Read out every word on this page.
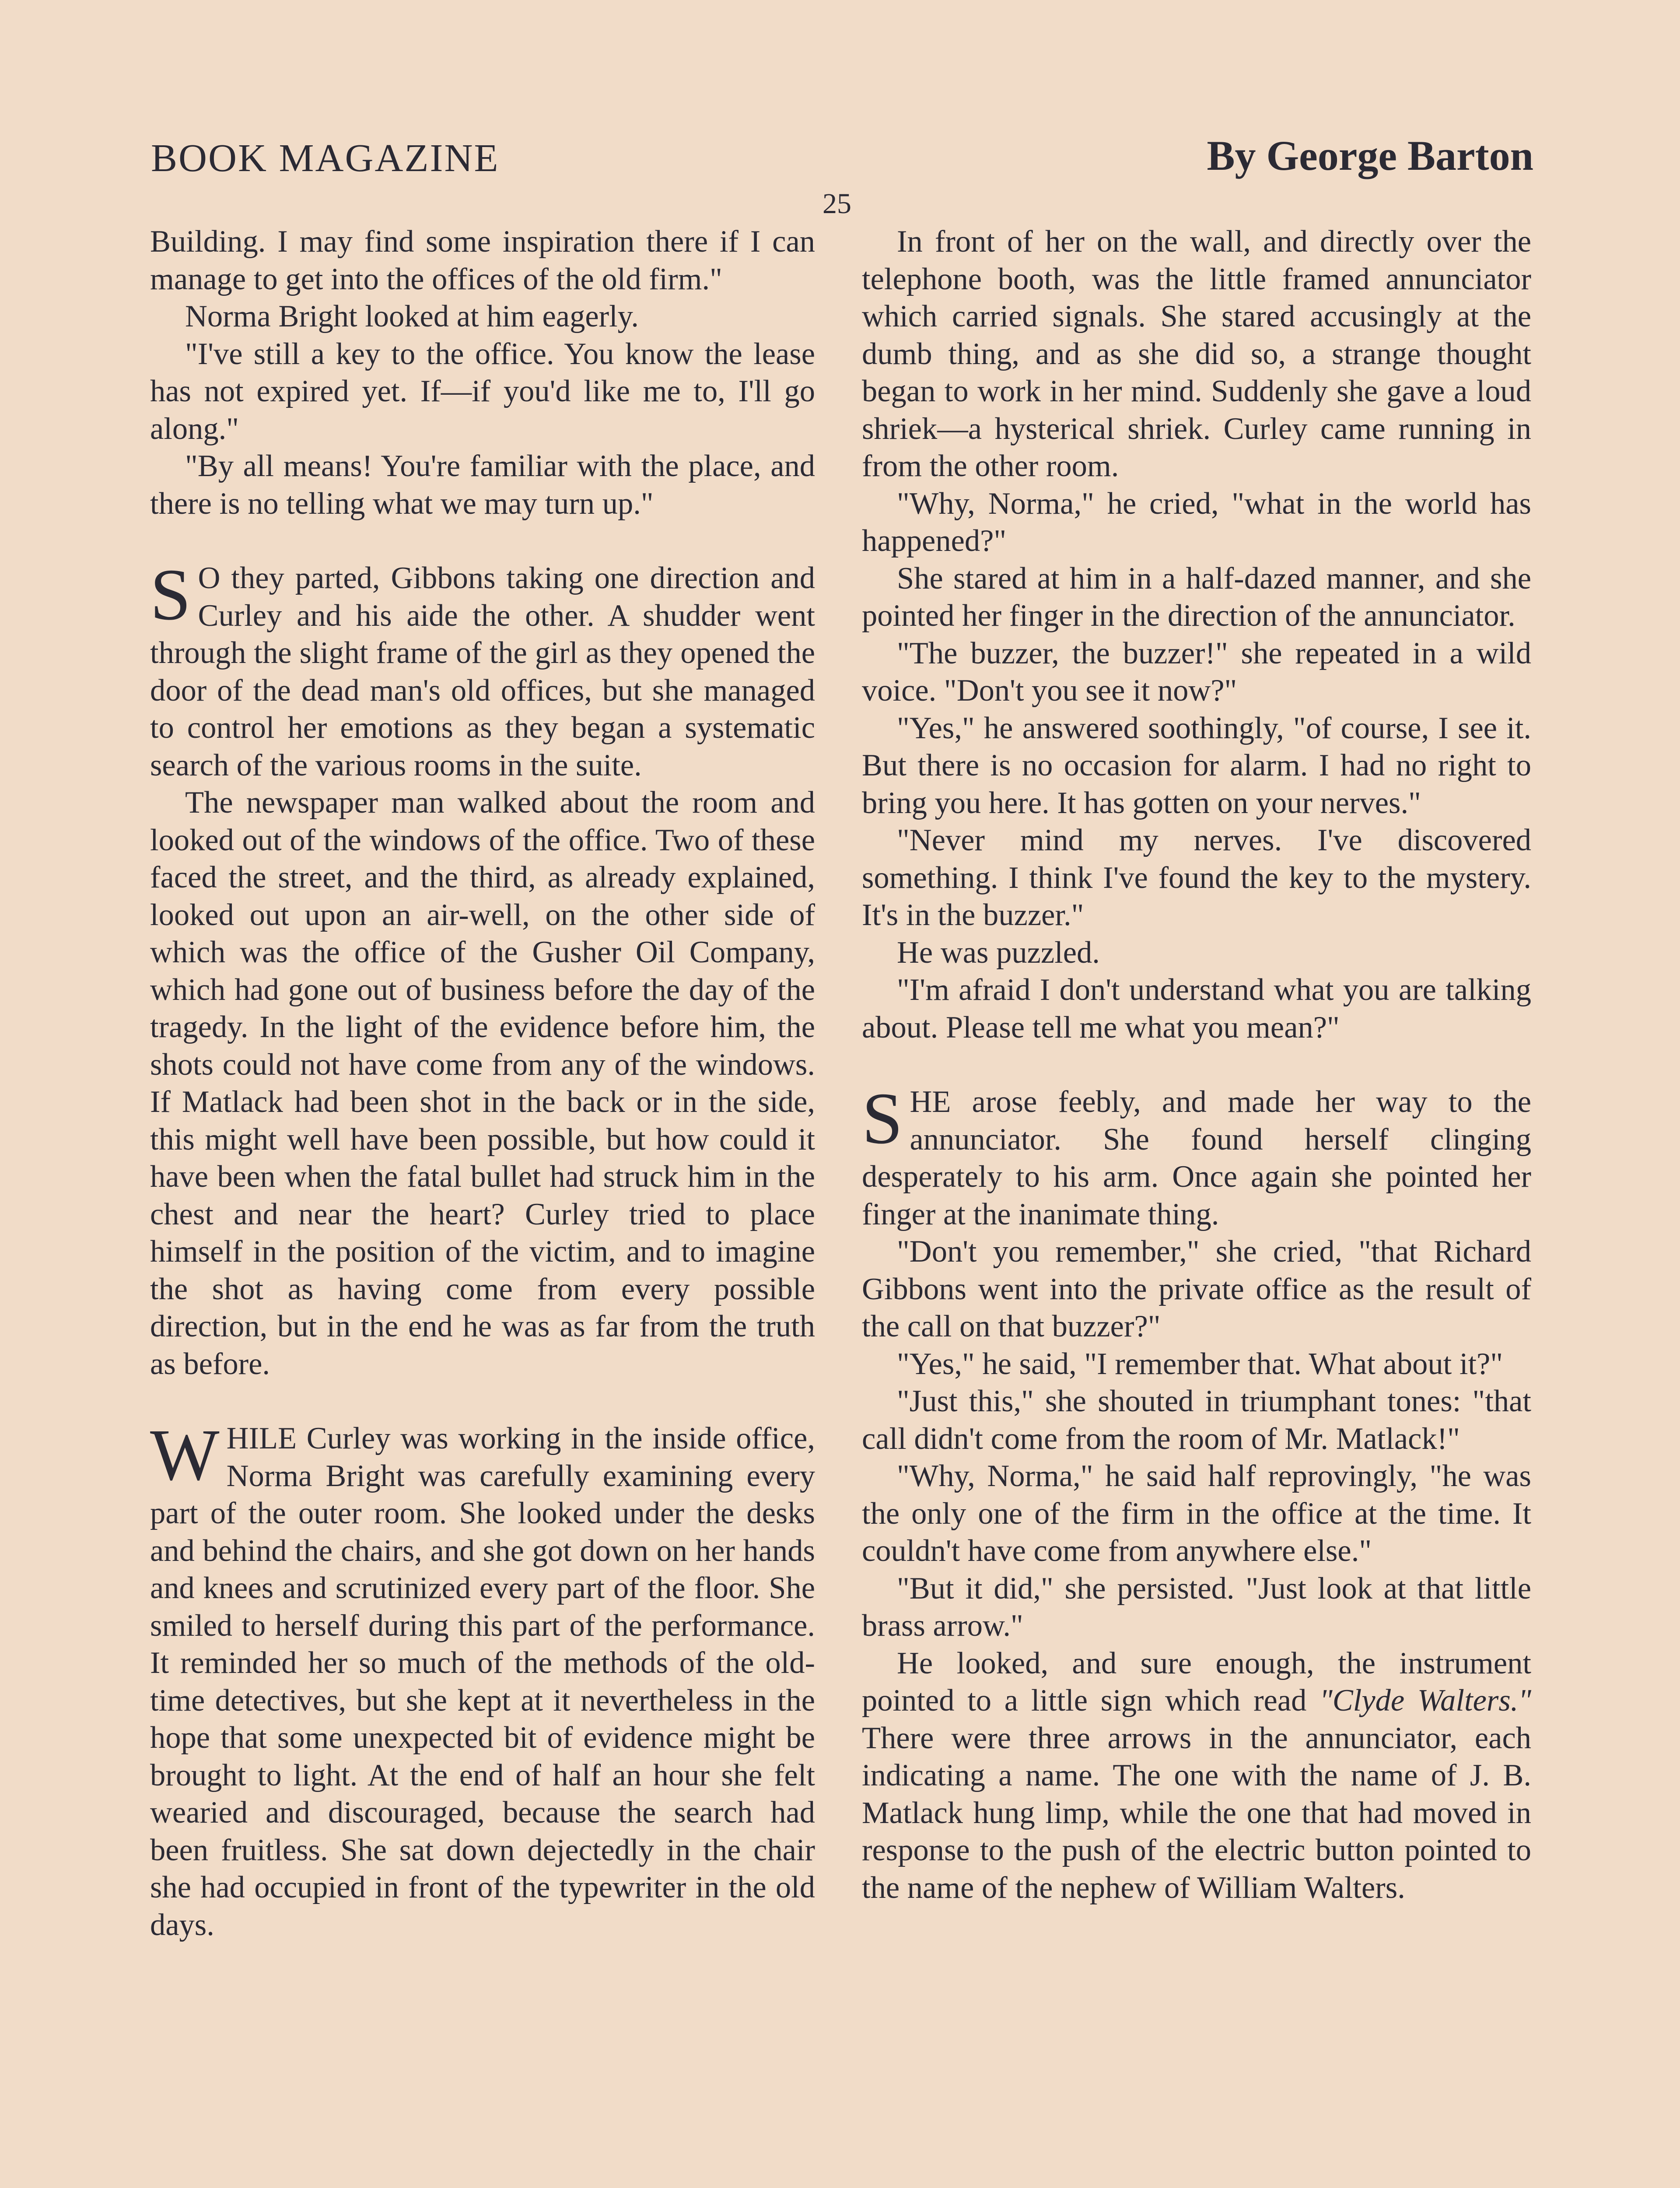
BOOK MAGAZINE	By George Barton
25

Building. I may find some inspiration there if I can manage to get into the offices of the old firm."

Norma Bright looked at him eagerly.

"I've still a key to the office. You know the lease has not expired yet. If—if you'd like me to, I'll go along."

"By all means! You're familiar with the place, and there is no telling what we may turn up."

S O they parted, Gibbons taking one direction and Curley and his aide the other. A shudder went through the slight frame of the girl as they opened the door of the dead man's old offices, but she managed to control her emotions as they began a systematic search of the various rooms in the suite.

The newspaper man walked about the room and looked out of the windows of the office. Two of these faced the street, and the third, as already explained, looked out upon an air-well, on the other side of which was the office of the Gusher Oil Company, which had gone out of business before the day of the tragedy. In the light of the evidence before him, the shots could not have come from any of the windows. If Matlack had been shot in the back or in the side, this might well have been possible, but how could it have been when the fatal bullet had struck him in the chest and near the heart? Curley tried to place himself in the position of the victim, and to imagine the shot as having come from every possible direction, but in the end he was as far from the truth as before.

WHILE Curley was working in the inside office, Norma Bright was carefully examining every part of the outer room. She looked under the desks and behind the chairs, and she got down on her hands and knees and scrutinized every part of the floor. She smiled to herself during this part of the performance. It reminded her so much of the methods of the old-time detectives, but she kept at it nevertheless in the hope that some unexpected bit of evidence might be brought to light. At the end of half an hour she felt wearied and discouraged, because the search had been fruitless. She sat down dejectedly in the chair she had occupied in front of the typewriter in the old days.

In front of her on the wall, and directly over the telephone booth, was the little framed annunciator which carried signals. She stared accusingly at the dumb thing, and as she did so, a strange thought began to work in her mind. Suddenly she gave a loud shriek—a hysterical shriek. Curley came running in from the other room.

"Why, Norma," he cried, "what in the world has happened?"

She stared at him in a half-dazed manner, and she pointed her finger in the direction of the annunciator.

"The buzzer, the buzzer!" she repeated in a wild voice. "Don't you see it now?"

"Yes," he answered soothingly, "of course, I see it. But there is no occasion for alarm. I had no right to bring you here. It has gotten on your nerves."

"Never mind my nerves. I've discovered something. I think I've found the key to the mystery. It's in the buzzer."

He was puzzled.

"I'm afraid I don't understand what you are talking about. Please tell me what you mean?"

SHE arose feebly, and made her way to the annunciator. She found herself clinging desperately to his arm. Once again she pointed her finger at the inanimate thing.

"Don't you remember," she cried, "that Richard Gibbons went into the private office as the result of the call on that buzzer?"

"Yes," he said, "I remember that. What about it?"

"Just this," she shouted in triumphant tones: "that call didn't come from the room of Mr. Matlack!"

"Why, Norma," he said half reprovingly, "he was the only one of the firm in the office at the time. It couldn't have come from anywhere else."

"But it did," she persisted. "Just look at that little brass arrow."

He looked, and sure enough, the instrument pointed to a little sign which read "Clyde Walters." There were three arrows in the annunciator, each indicating a name. The one with the name of J. B. Matlack hung limp, while the one that had moved in response to the push of the electric button pointed to the name of the nephew of William Walters.
